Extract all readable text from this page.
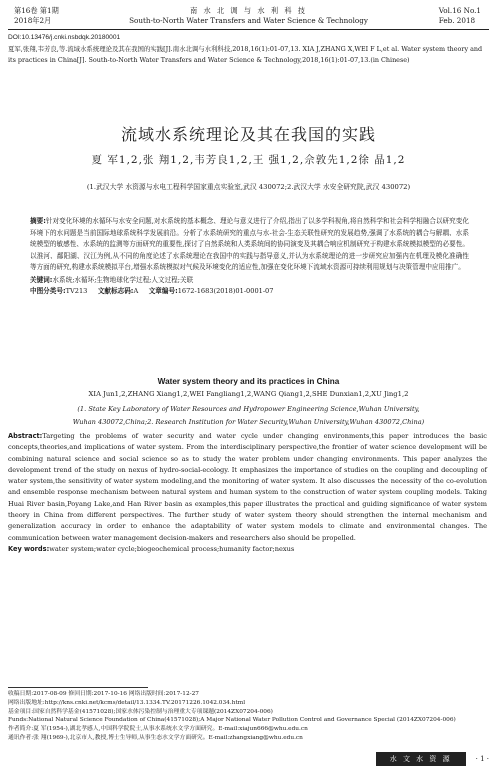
第16卷 第1期
2018年2月
南 水 北 调 与 水 利 科 技
South-to-North Water Transfers and Water Science & Technology
Vol.16 No.1
Feb. 2018
DOI:10.13476/j.cnki.nsbdqk.20180001
夏军,张翔,韦芳良,等.流域水系统理论及其在我国的实践[J].南水北调与水利科技,2018,16(1):01-07,13. XIA J,ZHANG X,WEI F L,et al. Water system theory and its practices in China[J]. South-to-North Water Transfers and Water Science & Technology,2018,16(1):01-07,13.(in Chinese)
流域水系统理论及其在我国的实践
夏 军1,2,张 翔1,2,韦芳良1,2,王 强1,2,佘敦先1,2徐 晶1,2
(1.武汉大学 水资源与水电工程科学国家重点实验室,武汉 430072;2.武汉大学 水安全研究院,武汉 430072)
摘要:针对变化环境的水循环与水安全问题,对水系统的基本概念、理论与意义进行了介绍,指出了以多学科视角,将自然科学和社会科学相融合以研究变化环境下的水问题是当前国际地球系统科学发展前沿。分析了水系统研究的重点与水-社会-生态关联性研究的发展趋势,强调了水系统的耦合与解耦、水系统模型的敏感性、水系统的监测等方面研究的重要性,探讨了自然系统和人类系统间的协同演变及其耦合响应机制研究于构建水系统模拟模型的必要性。以淮河、鄱阳湖、汉江为例,从不同的角度论述了水系统理论在我国中的实践与指导意义,并认为水系统理论的进一步研究应加强内在机理及模化准确性等方面的研究,构建水系统模拟平台,增强水系统模拟对气候及环境变化的适应性,加强在变化环境下流域水资源可持续利用规划与决策管理中应用推广。
关键词:水系统;水循环;生物地球化学过程;人文过程;关联
中图分类号:TV213 文献标志码:A 文章编号:1672-1683(2018)01-0001-07
Water system theory and its practices in China
XIA Jun1,2,ZHANG Xiang1,2,WEI Fangliang1,2,WANG Qiang1,2,SHE Dunxian1,2,XU Jing1,2
(1. State Key Laboratory of Water Resources and Hydropower Engineering Science,Wuhan University,
Wuhan 430072,China;2. Research Institution for Water Security,Wuhan University,Wuhan 430072,China)
Abstract:Targeting the problems of water security and water cycle under changing environments,this paper introduces the basic concepts,theories,and implications of water system. From the interdisciplinary perspective,the frontier of water science development will be combining natural science and social science so as to study the water problem under changing environments. This paper analyzes the development trend of the study on nexus of hydro-social-ecology. It emphasizes the importance of studies on the coupling and decoupling of water system,the sensitivity of water system modeling,and the monitoring of water system. It also discusses the necessity of the co-evolution and ensemble response mechanism between natural system and human system to the construction of water system coupling models. Taking Huai River basin,Poyang Lake,and Han River basin as examples,this paper illustrates the practical and guiding significance of water system theory in China from different perspectives. The further study of water system theory should strengthen the internal mechanism and generalization accuracy in order to enhance the adaptability of water system models to climate and environmental changes. The communication between water management decision-makers and researchers also should be propelled.
Key words:water system;water cycle;biogeochemical process;humanity factor;nexus
收稿日期:2017-08-09 修回日期:2017-10-16 网络出版时间:2017-12-27
网络出版地址:http://kns.cnki.net/kcms/detail/13.1334.TV.20171226.1042.034.html
基金项目:国家自然科学基金(41571028);国家水体污染控制与治理重大专项课题(2014ZX07204-006)
Funds:National Natural Science Foundation of China(41571028);A Major National Water Pollution Control and Governance Special (2014ZX07204-006)
作者简介:夏 军(1954-),湖北孝感人,中国科学院院士,从事水系统水文学方面研究。E-mail:xiajun666@whu.edu.cn
通讯作者:张 翔(1969-),北京市人,教授,博士生导师,从事生态水文学方面研究。E-mail:zhangxiang@whu.edu.cn
水 文 水 资 源	· 1 ·
